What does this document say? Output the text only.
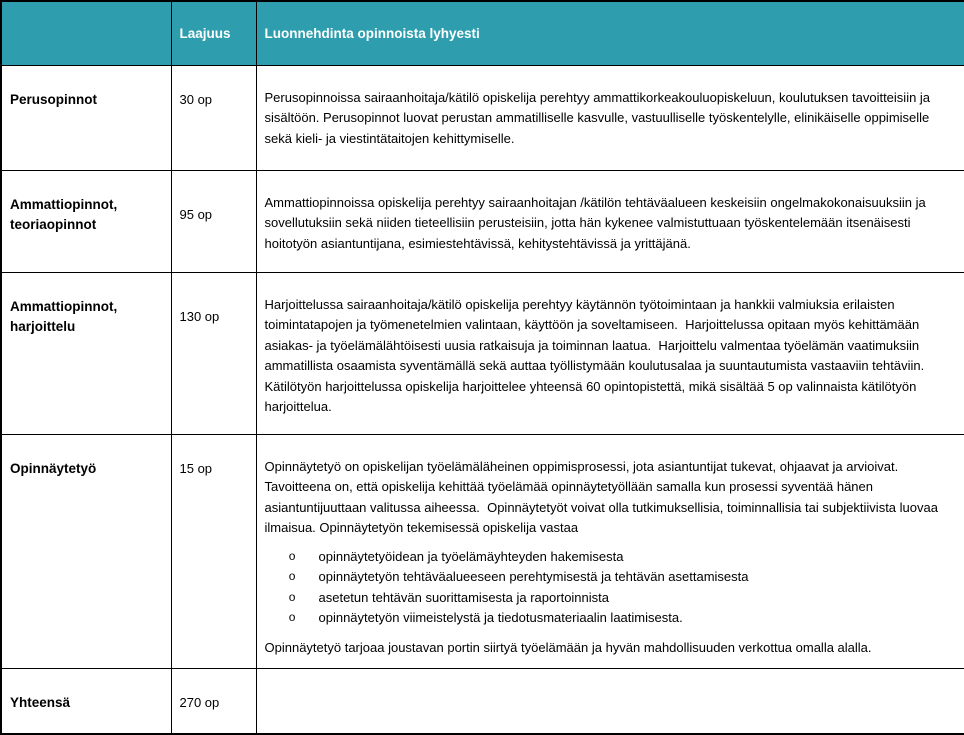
	Laajuus	Luonnehdinta opinnoista lyhyesti
Perusopinnot	30 op	Perusopinnoissa sairaanhoitaja/kätilö opiskelija perehtyy ammattikorkeakouluopiskeluun, koulutuksen tavoitteisiin ja sisältöön. Perusopinnot luovat perustan ammatilliselle kasvulle, vastuulliselle työskentelylle, elinikäiselle oppimiselle sekä kieli- ja viestintätaitojen kehittymiselle.

Ammattiopinnot, teoriaopinnot	95 op	Ammattiopinnoissa opiskelija perehtyy sairaanhoitajan /kätilön tehtäväalueen keskeisiin ongelmakokonaisuuksiin ja sovellutuksiin sekä niiden tieteellisiin perusteisiin, jotta hän kykenee valmistuttuaan työskentelemään itsenäisesti hoitotyön asiantuntijana, esimiestehtävissä, kehitystehtävissä ja yrittäjänä.

Ammattiopinnot, harjoittelu	130 op	Harjoittelussa sairaanhoitaja/kätilö opiskelija perehtyy käytännön työtoimintaan ja hankkii valmiuksia erilaisten toimintatapojen ja työmenetelmien valintaan, käyttöön ja soveltamiseen.  Harjoittelussa opitaan myös kehittämään asiakas- ja työelämälähtöisesti uusia ratkaisuja ja toiminnan laatua.  Harjoittelu valmentaa työelämän vaatimuksiin ammatillista osaamista syventämällä sekä auttaa työllistymään koulutusalaa ja suuntautumista vastaaviin tehtäviin. Kätilötyön harjoittelussa opiskelija harjoittelee yhteensä 60 opintopistettä, mikä sisältää 5 op valinnaista kätilötyön harjoittelua.

Opinnäytetyö	15 op	Opinnäytetyö on opiskelijan työelämäläheinen oppimisprosessi, jota asiantuntijat tukevat, ohjaavat ja arvioivat. Tavoitteena on, että opiskelija kehittää työelämää opinnäytetyöllään samalla kun prosessi syventää hänen asiantuntijuuttaan valitussa aiheessa.  Opinnäytetyöt voivat olla tutkimuksellisia, toiminnallisia tai subjektiivista luovaa ilmaisua. Opinnäytetyön tekemisessä opiskelija vastaa

o	opinnäytetyöidean ja työelämäyhteyden hakemisesta
o	opinnäytetyön tehtäväalueeseen perehtymisestä ja tehtävän asettamisesta
o	asetetun tehtävän suorittamisesta ja raportoinnista
o	opinnäytetyön viimeistelystä ja tiedotusmateriaalin laatimisesta.

Opinnäytetyö tarjoaa joustavan portin siirtyä työelämään ja hyvän mahdollisuuden verkottua omalla alalla.

Yhteensä	270 op	
